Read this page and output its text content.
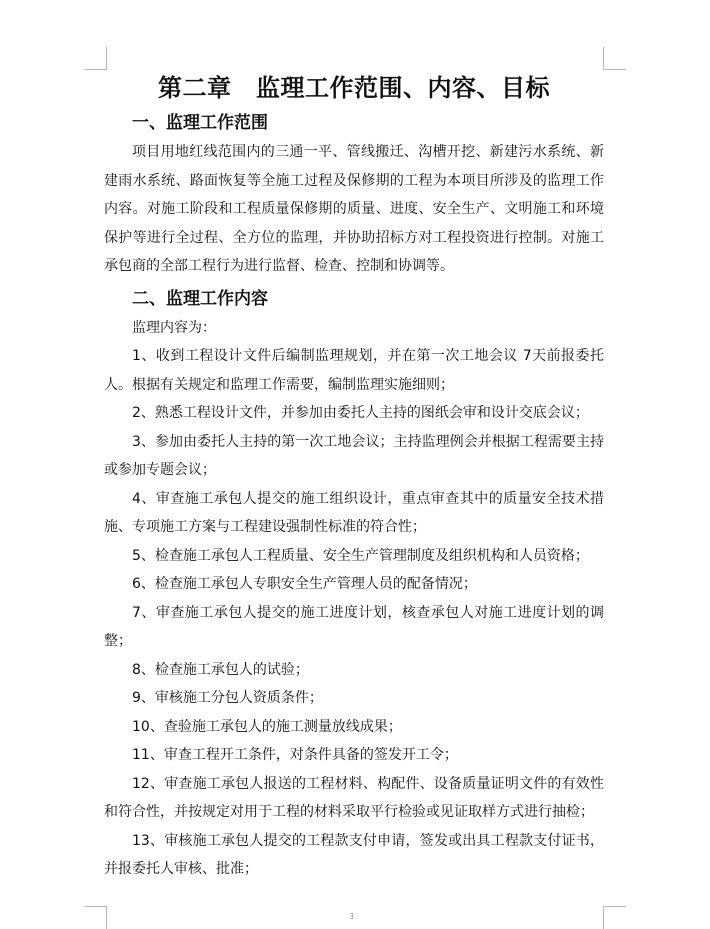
第二章　监理工作范围、内容、目标
一、监理工作范围

项目用地红线范围内的三通一平、管线搬迁、沟槽开挖、新建污水系统、新建雨水系统、路面恢复等全施工过程及保修期的工程为本项目所涉及的监理工作内容。对施工阶段和工程质量保修期的质量、进度、安全生产、文明施工和环境保护等进行全过程、全方位的监理，并协助招标方对工程投资进行控制。对施工承包商的全部工程行为进行监督、检查、控制和协调等。

二、监理工作内容

监理内容为：

1、收到工程设计文件后编制监理规划，并在第一次工地会议 7天前报委托人。根据有关规定和监理工作需要，编制监理实施细则；

2、熟悉工程设计文件，并参加由委托人主持的图纸会审和设计交底会议；

3、参加由委托人主持的第一次工地会议；主持监理例会并根据工程需要主持或参加专题会议；

4、审查施工承包人提交的施工组织设计，重点审查其中的质量安全技术措施、专项施工方案与工程建设强制性标准的符合性；

5、检查施工承包人工程质量、安全生产管理制度及组织机构和人员资格；

6、检查施工承包人专职安全生产管理人员的配备情况；

7、审查施工承包人提交的施工进度计划，核查承包人对施工进度计划的调整；

8、检查施工承包人的试验；

9、审核施工分包人资质条件；

10、查验施工承包人的施工测量放线成果；

11、审查工程开工条件，对条件具备的签发开工令；

12、审查施工承包人报送的工程材料、构配件、设备质量证明文件的有效性和符合性，并按规定对用于工程的材料采取平行检验或见证取样方式进行抽检；

13、审核施工承包人提交的工程款支付申请，签发或出具工程款支付证书，并报委托人审核、批准；

3
